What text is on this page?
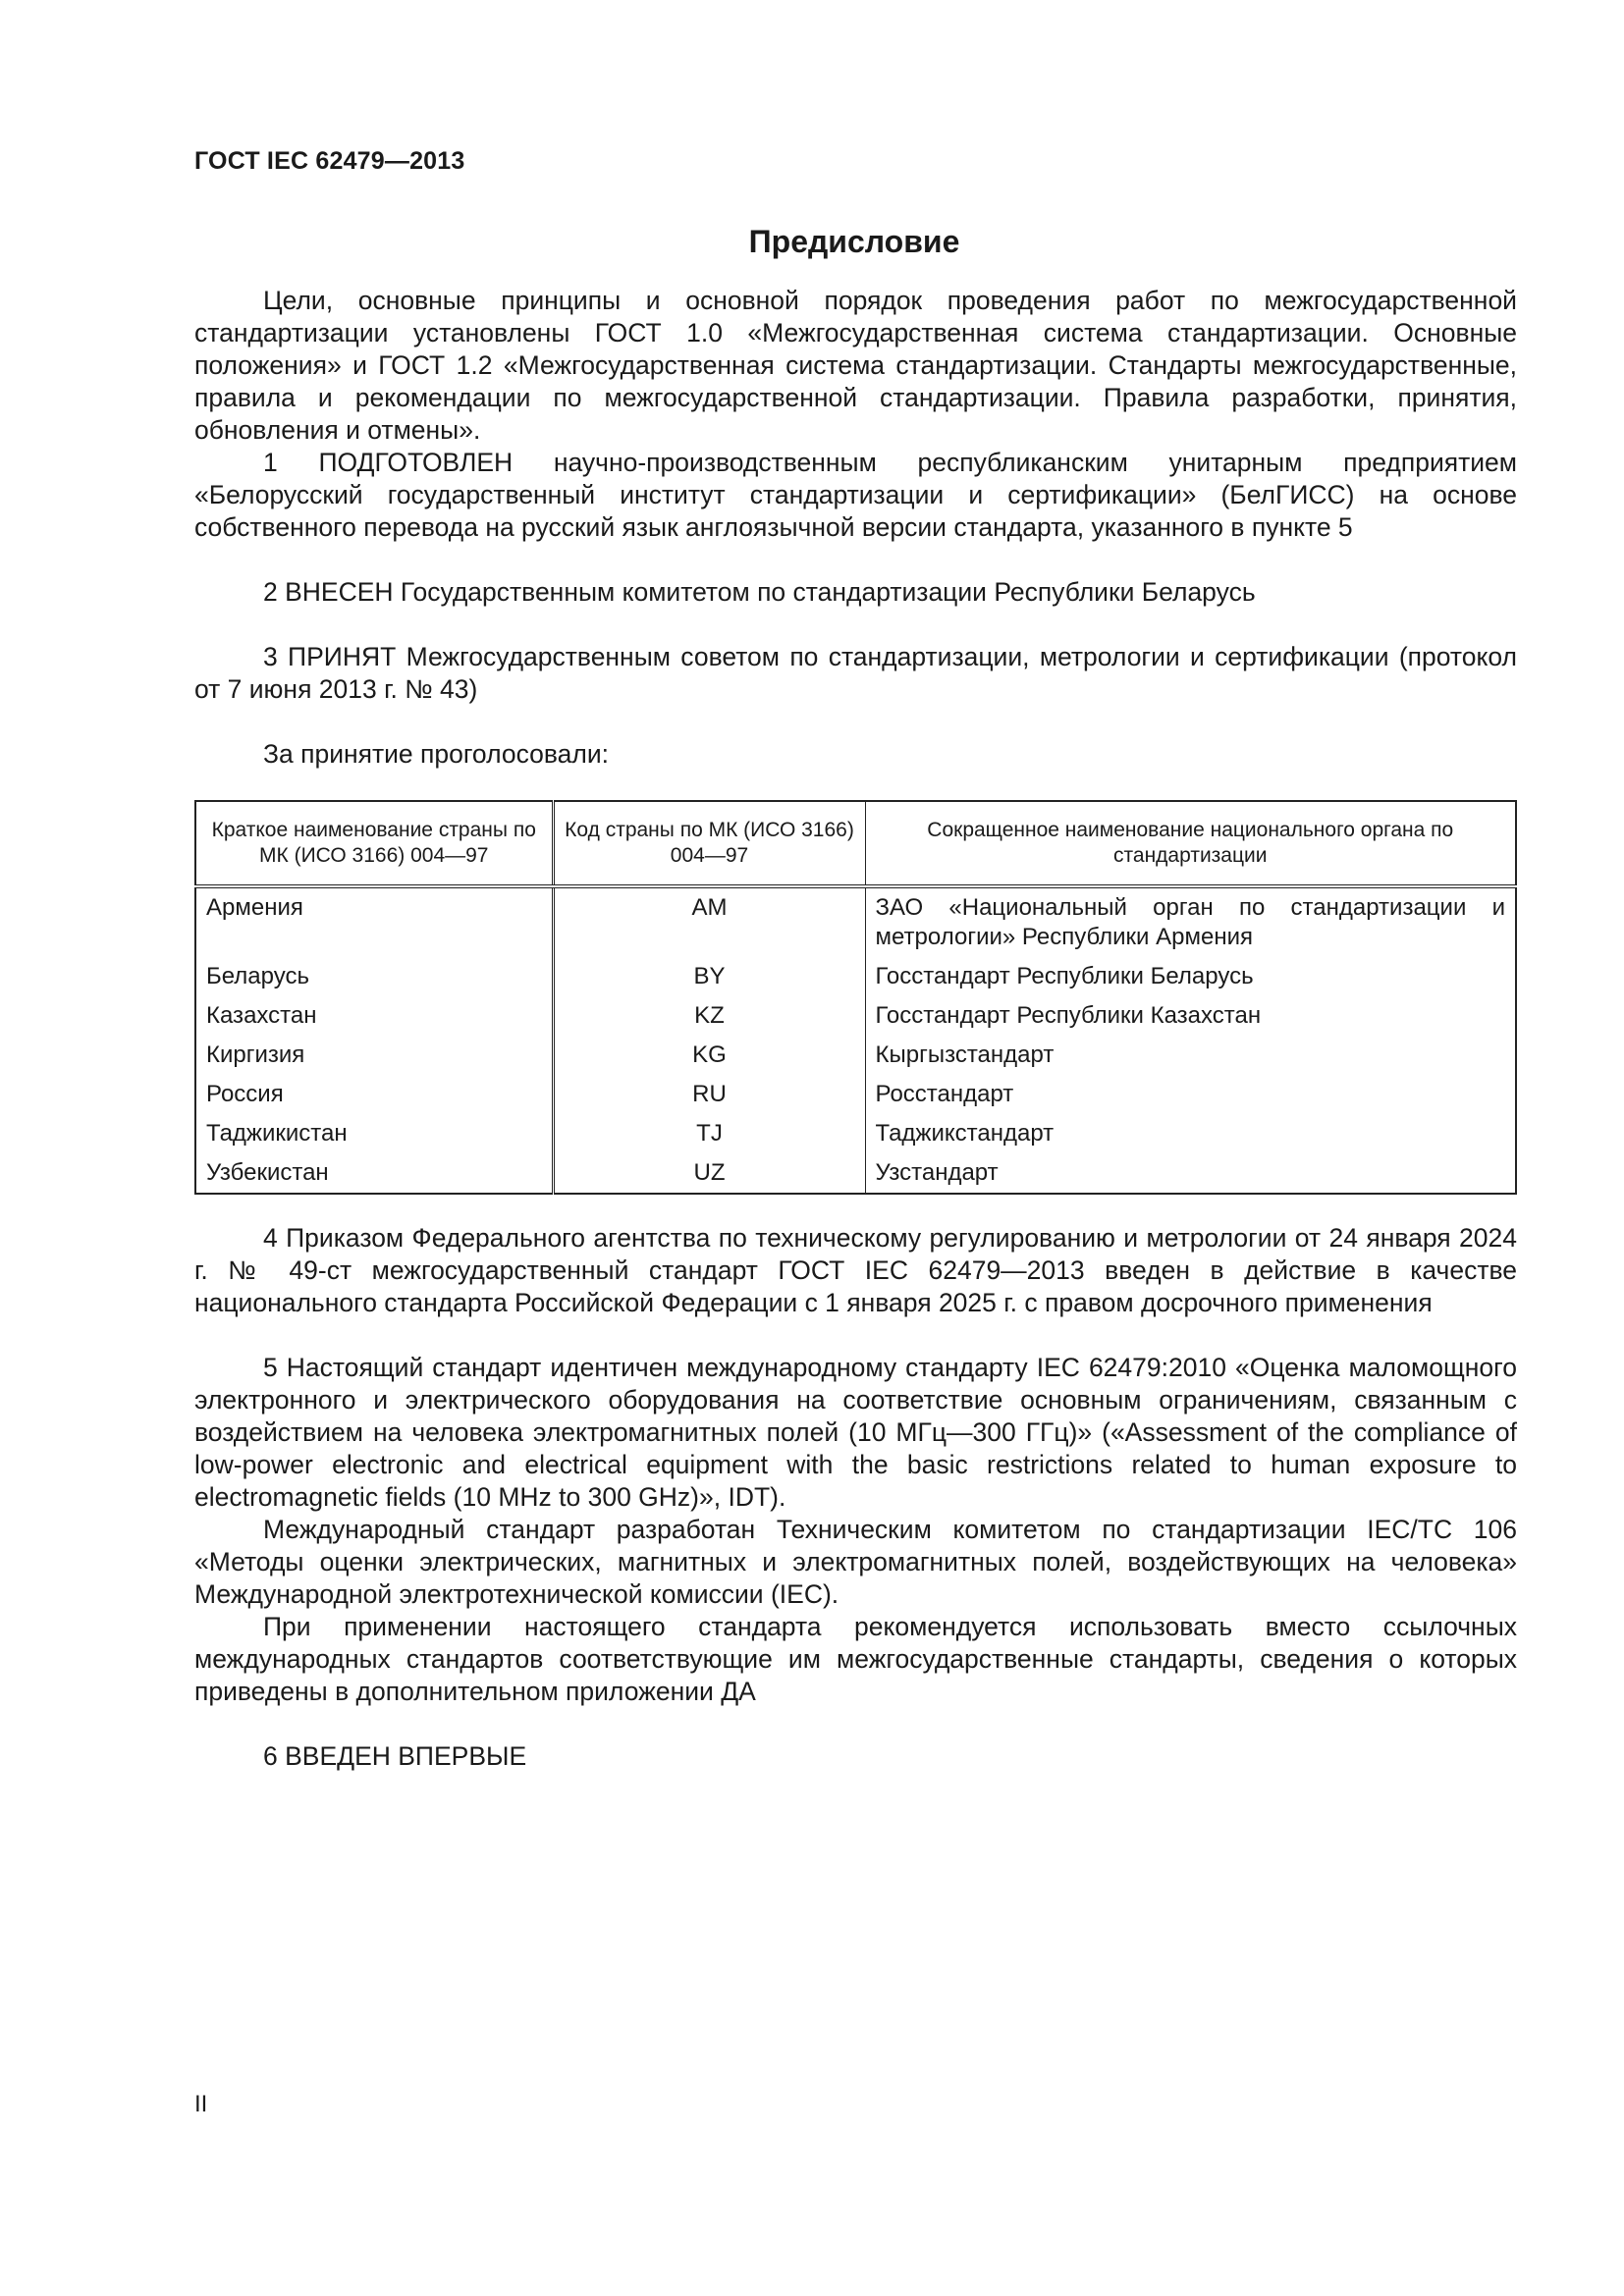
ГОСТ IEC 62479—2013
Предисловие

Цели, основные принципы и основной порядок проведения работ по межгосударственной стандартизации установлены ГОСТ 1.0 «Межгосударственная система стандартизации. Основные положения» и ГОСТ 1.2 «Межгосударственная система стандартизации. Стандарты межгосударственные, правила и рекомендации по межгосударственной стандартизации. Правила разработки, принятия, обновления и отмены».

1 ПОДГОТОВЛЕН научно-производственным республиканским унитарным предприятием «Белорусский государственный институт стандартизации и сертификации» (БелГИСС) на основе собственного перевода на русский язык англоязычной версии стандарта, указанного в пункте 5

2 ВНЕСЕН Государственным комитетом по стандартизации Республики Беларусь

3 ПРИНЯТ Межгосударственным советом по стандартизации, метрологии и сертификации (протокол от 7 июня 2013 г. № 43)

За принятие проголосовали:

Краткое наименование страны по МК (ИСО 3166) 004—97	Код страны по МК (ИСО 3166) 004—97	Сокращенное наименование национального органа по стандартизации
Армения	AM	ЗАО «Национальный орган по стандартизации и метрологии» Республики Армения
Беларусь	BY	Госстандарт Республики Беларусь
Казахстан	KZ	Госстандарт Республики Казахстан
Киргизия	KG	Кыргызстандарт
Россия	RU	Росстандарт
Таджикистан	TJ	Таджикстандарт
Узбекистан	UZ	Узстандарт

4 Приказом Федерального агентства по техническому регулированию и метрологии от 24 января 2024 г. № 49-ст межгосударственный стандарт ГОСТ IEC 62479—2013 введен в действие в качестве национального стандарта Российской Федерации с 1 января 2025 г. с правом досрочного применения

5 Настоящий стандарт идентичен международному стандарту IEC 62479:2010 «Оценка маломощного электронного и электрического оборудования на соответствие основным ограничениям, связанным с воздействием на человека электромагнитных полей (10 МГц—300 ГГц)» («Assessment of the compliance of low-power electronic and electrical equipment with the basic restrictions related to human exposure to electromagnetic fields (10 MHz to 300 GHz)», IDT).

Международный стандарт разработан Техническим комитетом по стандартизации IEC/TC 106 «Методы оценки электрических, магнитных и электромагнитных полей, воздействующих на человека» Международной электротехнической комиссии (IEC).

При применении настоящего стандарта рекомендуется использовать вместо ссылочных международных стандартов соответствующие им межгосударственные стандарты, сведения о которых приведены в дополнительном приложении ДА

6 ВВЕДЕН ВПЕРВЫЕ

II
